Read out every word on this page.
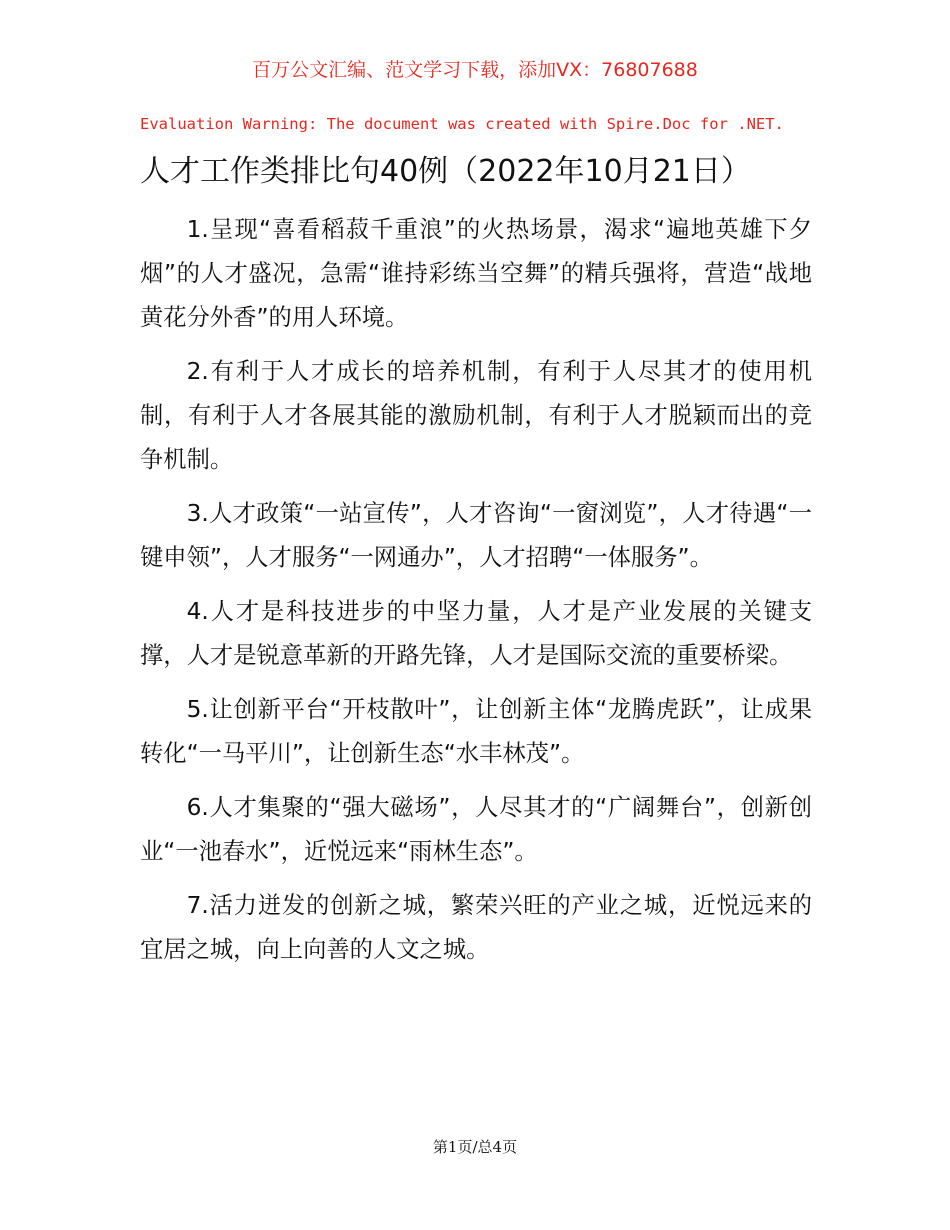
百万公文汇编、范文学习下载，添加VX：76807688
Evaluation Warning: The document was created with Spire.Doc for .NET.
人才工作类排比句40例（2022年10月21日）

1.呈现“喜看稻菽千重浪”的火热场景，渴求“遍地英雄下夕烟”的人才盛况，急需“谁持彩练当空舞”的精兵强将，营造“战地黄花分外香”的用人环境。

2.有利于人才成长的培养机制，有利于人尽其才的使用机制，有利于人才各展其能的激励机制，有利于人才脱颖而出的竞争机制。

3.人才政策“一站宣传”，人才咨询“一窗浏览”，人才待遇“一键申领”，人才服务“一网通办”，人才招聘“一体服务”。

4.人才是科技进步的中坚力量，人才是产业发展的关键支撑，人才是锐意革新的开路先锋，人才是国际交流的重要桥梁。

5.让创新平台“开枝散叶”，让创新主体“龙腾虎跃”，让成果转化“一马平川”，让创新生态“水丰林茂”。

6.人才集聚的“强大磁场”，人尽其才的“广阔舞台”，创新创业“一池春水”，近悦远来“雨林生态”。

7.活力迸发的创新之城，繁荣兴旺的产业之城，近悦远来的宜居之城，向上向善的人文之城。

第1页/总4页
